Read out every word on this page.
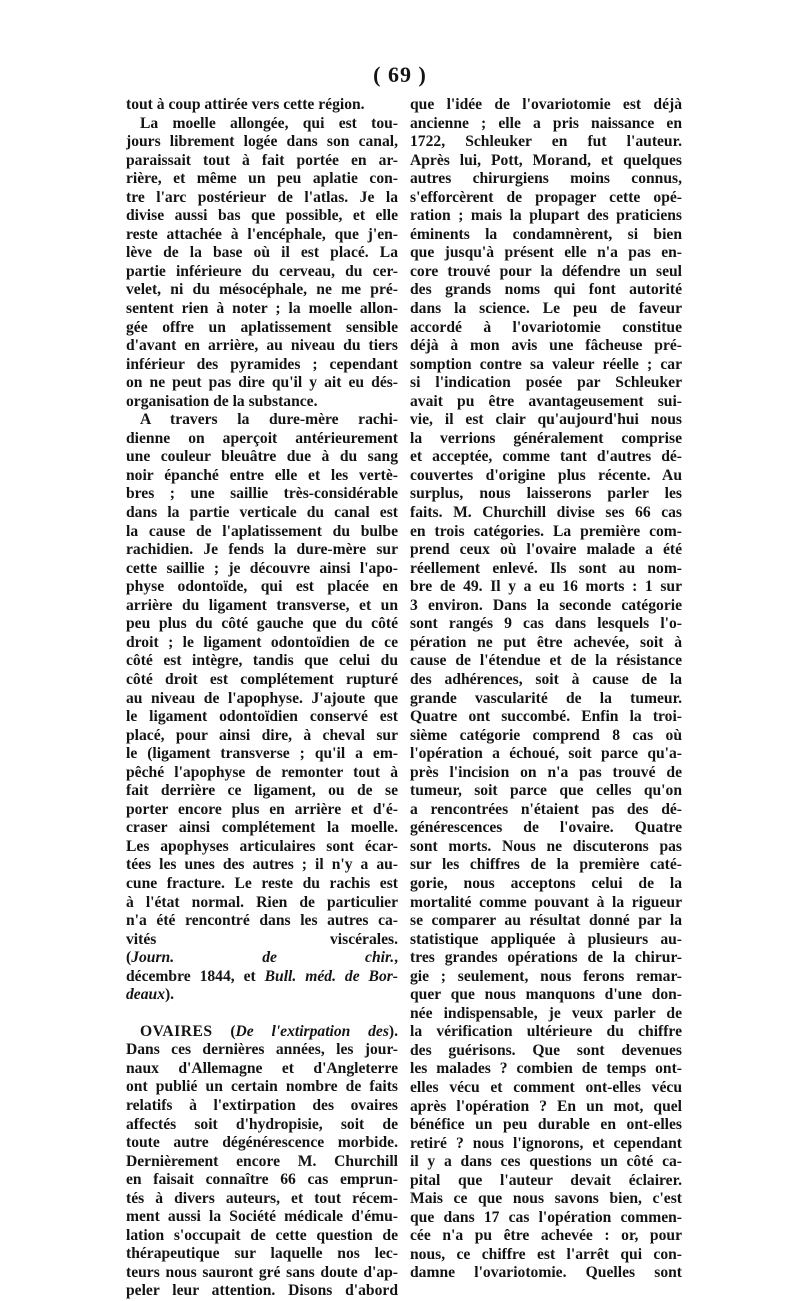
( 69 )
tout à coup attirée vers cette région.
La moelle allongée, qui est tou-
jours librement logée dans son canal,
paraissait tout à fait portée en ar-
rière, et même un peu aplatie con-
tre l'arc postérieur de l'atlas. Je la
divise aussi bas que possible, et elle
reste attachée à l'encéphale, que j'en-
lève de la base où il est placé. La
partie inférieure du cerveau, du cer-
velet, ni du mésocéphale, ne me pré-
sentent rien à noter ; la moelle allon-
gée offre un aplatissement sensible
d'avant en arrière, au niveau du tiers
inférieur des pyramides ; cependant
on ne peut pas dire qu'il y ait eu dés-
organisation de la substance.
A travers la dure-mère rachi-
dienne on aperçoit antérieurement
une couleur bleuâtre due à du sang
noir épanché entre elle et les vertè-
bres ; une saillie très-considérable
dans la partie verticale du canal est
la cause de l'aplatissement du bulbe
rachidien. Je fends la dure-mère sur
cette saillie ; je découvre ainsi l'apo-
physe odontoïde, qui est placée en
arrière du ligament transverse, et un
peu plus du côté gauche que du côté
droit ; le ligament odontoïdien de ce
côté est intègre, tandis que celui du
côté droit est complétement rupturé
au niveau de l'apophyse. J'ajoute que
le ligament odontoïdien conservé est
placé, pour ainsi dire, à cheval sur
le (ligament transverse ; qu'il a em-
pêché l'apophyse de remonter tout à
fait derrière ce ligament, ou de se
porter encore plus en arrière et d'é-
craser ainsi complétement la moelle.
Les apophyses articulaires sont écar-
tées les unes des autres ; il n'y a au-
cune fracture. Le reste du rachis est
à l'état normal. Rien de particulier
n'a été rencontré dans les autres ca-
vités viscérales.
(Journ. de chir.,
décembre 1844, et Bull. méd. de Bor-
deaux).
OVAIRES (De l'extirpation des).
Dans ces dernières années, les jour-
naux d'Allemagne et d'Angleterre
ont publié un certain nombre de faits
relatifs à l'extirpation des ovaires
affectés soit d'hydropisie, soit de
toute autre dégénérescence morbide.
Dernièrement encore M. Churchill
en faisait connaître 66 cas emprun-
tés à divers auteurs, et tout récem-
ment aussi la Société médicale d'ému-
lation s'occupait de cette question de
thérapeutique sur laquelle nos lec-
teurs nous sauront gré sans doute d'ap-
peler leur attention. Disons d'abord
que l'idée de l'ovariotomie est déjà
ancienne ; elle a pris naissance en
1722, Schleuker en fut l'auteur.
Après lui, Pott, Morand, et quelques
autres chirurgiens moins connus,
s'efforcèrent de propager cette opé-
ration ; mais la plupart des praticiens
éminents la condamnèrent, si bien
que jusqu'à présent elle n'a pas en-
core trouvé pour la défendre un seul
des grands noms qui font autorité
dans la science. Le peu de faveur
accordé à l'ovariotomie constitue
déjà à mon avis une fâcheuse pré-
somption contre sa valeur réelle ; car
si l'indication posée par Schleuker
avait pu être avantageusement sui-
vie, il est clair qu'aujourd'hui nous
la verrions généralement comprise
et acceptée, comme tant d'autres dé-
couvertes d'origine plus récente. Au
surplus, nous laisserons parler les
faits. M. Churchill divise ses 66 cas
en trois catégories. La première com-
prend ceux où l'ovaire malade a été
réellement enlevé. Ils sont au nom-
bre de 49. Il y a eu 16 morts : 1 sur
3 environ. Dans la seconde catégorie
sont rangés 9 cas dans lesquels l'o-
pération ne put être achevée, soit à
cause de l'étendue et de la résistance
des adhérences, soit à cause de la
grande vascularité de la tumeur.
Quatre ont succombé. Enfin la troi-
sième catégorie comprend 8 cas où
l'opération a échoué, soit parce qu'a-
près l'incision on n'a pas trouvé de
tumeur, soit parce que celles qu'on
a rencontrées n'étaient pas des dé-
générescences de l'ovaire. Quatre
sont morts. Nous ne discuterons pas
sur les chiffres de la première caté-
gorie, nous acceptons celui de la
mortalité comme pouvant à la rigueur
se comparer au résultat donné par la
statistique appliquée à plusieurs au-
tres grandes opérations de la chirur-
gie ; seulement, nous ferons remar-
quer que nous manquons d'une don-
née indispensable, je veux parler de
la vérification ultérieure du chiffre
des guérisons. Que sont devenues
les malades ? combien de temps ont-
elles vécu et comment ont-elles vécu
après l'opération ? En un mot, quel
bénéfice un peu durable en ont-elles
retiré ? nous l'ignorons, et cependant
il y a dans ces questions un côté ca-
pital que l'auteur devait éclairer.
Mais ce que nous savons bien, c'est
que dans 17 cas l'opération commen-
cée n'a pu être achevée : or, pour
nous, ce chiffre est l'arrêt qui con-
damne l'ovariotomie. Quelles sont
